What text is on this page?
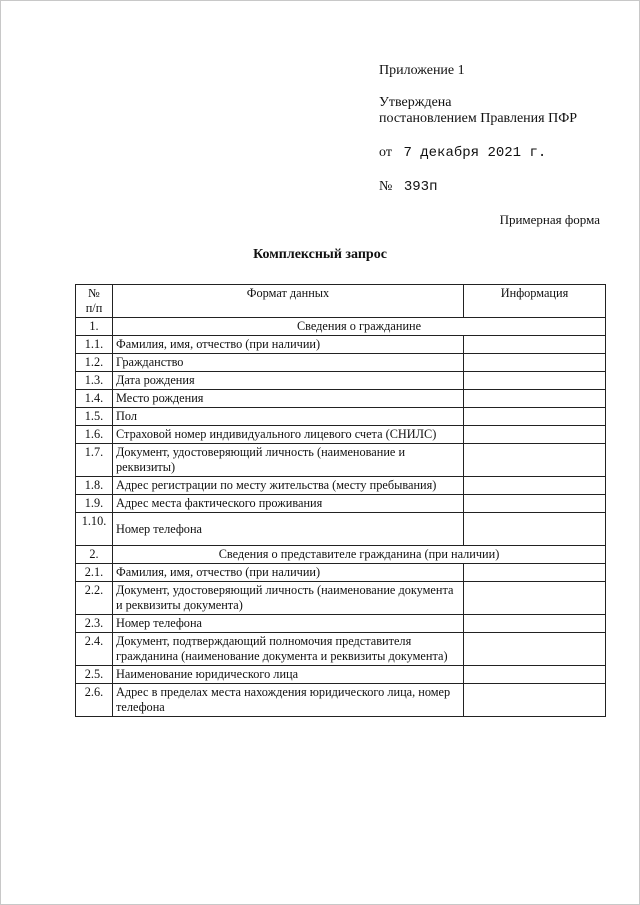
Приложение 1
Утверждена
постановлением Правления ПФР
от 7 декабря 2021 г.
№ 393п
Примерная форма
Комплексный запрос
№
п/п	Формат данных	Информация
1.	Сведения о гражданине	
1.1.	Фамилия, имя, отчество (при наличии)	
1.2.	Гражданство	
1.3.	Дата рождения	
1.4.	Место рождения	
1.5.	Пол	
1.6.	Страховой номер индивидуального лицевого счета (СНИЛС)	
1.7.	Документ, удостоверяющий личность (наименование и реквизиты)	
1.8.	Адрес регистрации по месту жительства (месту пребывания)	
1.9.	Адрес места фактического проживания	
1.10.	Номер телефона	
2.	Сведения о представителе гражданина (при наличии)	
2.1.	Фамилия, имя, отчество (при наличии)	
2.2.	Документ, удостоверяющий личность (наименование документа и реквизиты документа)	
2.3.	Номер телефона	
2.4.	Документ, подтверждающий полномочия представителя гражданина (наименование документа и реквизиты документа)	
2.5.	Наименование юридического лица	
2.6.	Адрес в пределах места нахождения юридического лица, номер телефона	
